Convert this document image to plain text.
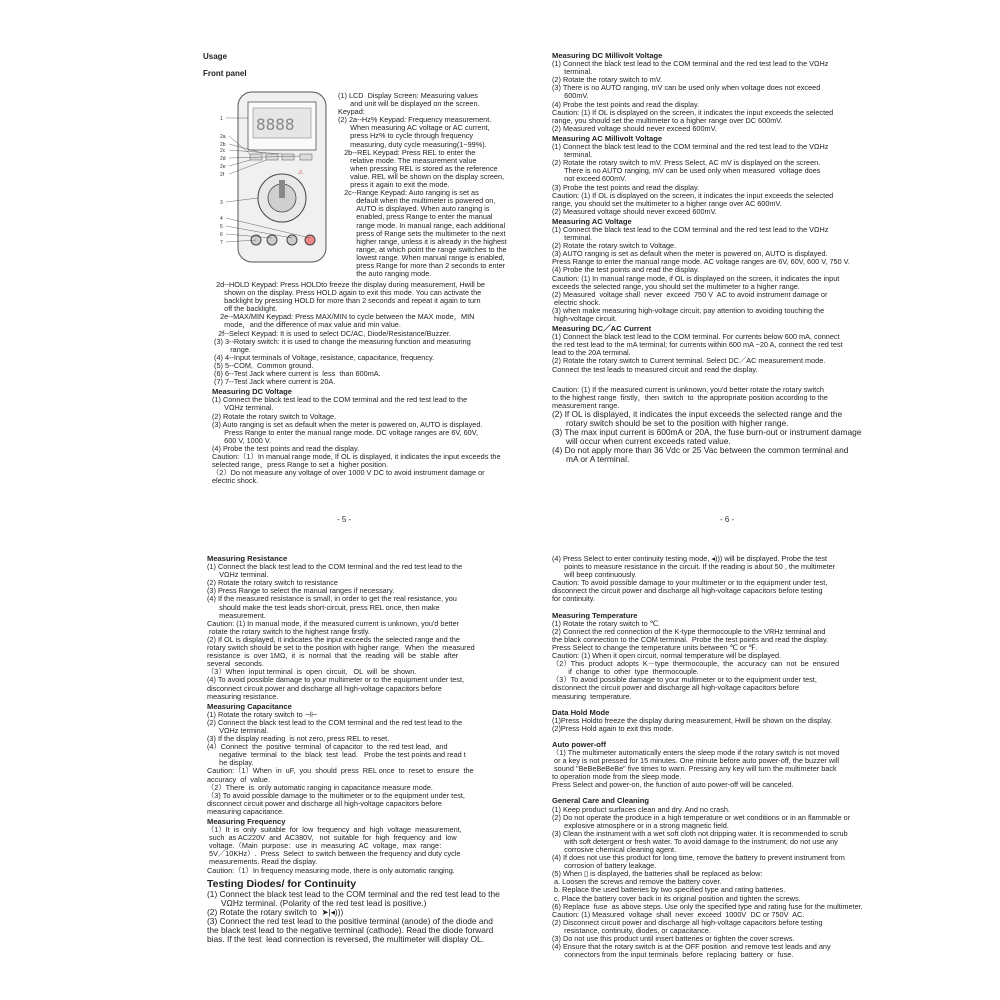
Usage
Front panel
8888
⚠
1
2a
2b
2c
2d
2e
2f
3
4
5
6
7

(1) LCD  Display Screen: Measuring values

and unit will be displayed on the screen.

Keypad:

(2) 2a--Hz% Keypad: Frequency measurement.

When measuring AC voltage or AC current,

press Hz% to cycle through frequency

measuring, duty cycle measuring(1~99%).

2b--REL Keypad: Press REL to enter the

relative mode. The measurement value

when pressing REL is stored as the reference

value. REL will be shown on the display screen,

press it again to exit the mode.

2c--Range Keypad: Auto ranging is set as

default when the multimeter is powered on,

AUTO is displayed. When auto ranging is

enabled, press Range to enter the manual

range mode. In manual range, each additional

press of Range sets the multimeter to the next

higher range, unless it is already in the highest

range, at which point the range switches to the

lowest range. When manual range is enabled,

press Range for more than 2 seconds to enter

the auto ranging mode.

2d--HOLD Keypad: Press HOLDto freeze the display during measurement, Hwill be

shown on the display. Press HOLD again to exit this mode. You can activate the

backlight by pressing HOLD for more than 2 seconds and repeat it again to turn

off the backlight.

2e--MAX/MIN Keypad: Press MAX/MIN to cycle between the MAX mode，MIN

mode，and the difference of max value and min value.

2f--Select Keypad: It is used to select DC/AC, Diode/Resistance/Buzzer.

(3) 3--Rotary switch: it is used to change the measuring function and measuring

range.

(4) 4--Input terminals of Voltage, resistance, capacitance, frequency.

(5) 5--COM,  Common ground.

(6) 6--Test Jack where current is  less  than 600mA.

(7) 7--Test Jack where current is 20A.

Measuring DC Voltage

(1) Connect the black test lead to the COM terminal and the red test lead to the

VΩHz terminal.

(2) Rotate the rotary switch to Voltage.

(3) Auto ranging is set as default when the meter is powered on, AUTO is displayed.

Press Range to enter the manual range mode. DC voltage ranges are 6V, 60V,

600 V, 1000 V.

(4) Probe the test points and read the display.

Caution:（1）In manual range mode, If OL is displayed, it indicates the input exceeds the

selected range，press Range to set a  higher position.

（2）Do not measure any voltage of over 1000 V DC to avoid instrument damage or

electric shock.

- 5 -

Measuring DC Millivolt Voltage

(1) Connect the black test lead to the COM terminal and the red test lead to the VΩHz

terminal.

(2) Rotate the rotary switch to mV.

(3) There is no AUTO ranging, mV can be used only when voltage does not exceed

600mV.

(4) Probe the test points and read the display.

Caution: (1) If OL is displayed on the screen, it indicates the input exceeds the selected

range, you should set the multimeter to a higher range over DC 600mV.

(2) Measured voltage should never exceed 600mV.

Measuring AC Millivolt Voltage

(1) Connect the black test lead to the COM terminal and the red test lead to the VΩHz

terminal.

(2) Rotate the rotary switch to mV. Press Select, AC mV is displayed on the screen.

There is no AUTO ranging, mV can be used only when measured  voltage does

not exceed 600mV.

(3) Probe the test points and read the display.

Caution: (1) If OL is displayed on the screen, it indicates the input exceeds the selected

range, you should set the multimeter to a higher range over AC 600mV.

(2) Measured voltage should never exceed 600mV.

Measuring AC Voltage

(1) Connect the black test lead to the COM terminal and the red test lead to the VΩHz

terminal.

(2) Rotate the rotary switch to Voltage.

(3) AUTO ranging is set as default when the meter is powered on, AUTO is displayed.

Press Range to enter the manual range mode. AC voltage ranges are 6V, 60V, 600 V, 750 V.

(4) Probe the test points and read the display.

Caution: (1) In manual range mode, if OL is displayed on the screen, it indicates the input

exceeds the selected range, you should set the multimeter to a higher range.

(2) Measured  voltage shall  never  exceed  750 V  AC to avoid instrument damage or

electric shock.

(3) when make measuring high-voltage circuit, pay attention to avoiding touching the

high-voltage circuit.

Measuring DC／AC Current

(1) Connect the black test lead to the COM terminal. For currents below 600 mA, connect

the red test lead to the mA terminal; for currents within 600 mA ~20 A, connect the red test

lead to the 20A terminal.

(2) Rotate the rotary switch to Current terminal. Select DC／AC measurement mode.

Connect the test leads to measured circuit and read the display.

Caution: (1) If the measured current is unknown, you'd better rotate the rotary switch

to the highest range  firstly，then  switch  to  the appropriate position according to the

measurement range.

(2) If OL is displayed, it indicates the input exceeds the selected range and the

rotary switch should be set to the position with higher range.

(3) The max input current is 600mA or 20A, the fuse burn-out or instrument damage

will occur when current exceeds rated value.

(4) Do not apply more than 36 Vdc or 25 Vac between the common terminal and

mA or A terminal.

- 6 -

Measuring Resistance

(1) Connect the black test lead to the COM terminal and the red test lead to the

VΩHz terminal.

(2) Rotate the rotary switch to resistance

(3) Press Range to select the manual ranges if necessary.

(4) If the measured resistance is small, in order to get the real resistance, you

should make the test leads short-circuit, press REL once, then make

measurement.

Caution: (1) In manual mode, if the measured current is unknown, you'd better

rotate the rotary switch to the highest range firstly.

(2) If OL is displayed, it indicates the input exceeds the selected range and the

rotary switch should be set to the position with higher range.  When  the  measured

resistance  is  over 1MΩ,  it  is  normal  that  the  reading  will  be  stable  after

several  seconds.

（3）When  input terminal  is  open  circuit,   OL  will  be  shown.

(4) To avoid possible damage to your multimeter or to the equipment under test,

disconnect circuit power and discharge all high-voltage capacitors before

measuring resistance.

Measuring Capacitance

(1) Rotate the rotary switch to ⊣⊢

(2) Connect the black test lead to the COM terminal and the red test lead to the

VΩHz terminal.

(3) If the display reading  is not zero, press REL to reset.

(4）Connect  the  positive  terminal  of capacitor  to  the red test lead,  and

negative  terminal  to  the  black  test  lead.   Probe the test points and read t

he display.

Caution:（1）When  in  uF,  you  should  press  REL once  to  reset to  ensure  the

accuracy  of  value.

（2）There  is  only automatic ranging in capacitance measure mode.

（3) To avoid possible damage to the multimeter or to the equipment under test,

disconnect circuit power and discharge all high-voltage capacitors before

measuring capacitance.

Measuring Frequency

（1）It  is  only  suitable  for  low  frequency  and  high  voltage  measurement,

such  as AC220V  and  AC380V,   not  suitable  for  high  frequency  and  low

voltage.（Main  purpose：use  in  measuring  AC  voltage,  max  range：

5V／10KHz）.  Press  Select  to switch between the frequency and duty cycle

measurements. Read the display.

Caution:（1）In frequency measuring mode, there is only automatic ranging.

Testing Diodes/ for Continuity

(1) Connect the black test lead to the COM terminal and the red test lead to the

VΩHz terminal. (Polarity of the red test lead is positive.)

(2) Rotate the rotary switch to  ➤|◂)))

(3) Connect the red test lead to the positive terminal (anode) of the diode and

the black test lead to the negative terminal (cathode). Read the diode forward

bias. If the test  lead connection is reversed, the multimeter will display OL.

(4) Press Select to enter continuity testing mode, ◂))) will be displayed. Probe the test

points to measure resistance in the circuit. If the reading is about 50 , the multimeter

will beep continuously.

Caution: To avoid possible damage to your multimeter or to the equipment under test,

disconnect the circuit power and discharge all high-voltage capacitors before testing

for continuity.

Measuring Temperature

(1) Rotate the rotary switch to ℃.

(2) Connect the red connection of the K-type thermocouple to the VRHz terminal and

the black connection to the COM terminal.  Probe the test points and read the display.

Press Select to change the temperature units between ℃ or ℉.

Caution: (1) When it open circuit, normal temperature will be displayed.

（2）This  product  adopts  K－type  thermocouple,  the  accuracy  can  not  be  ensured

if  change  to  other  type  thermocouple.

（3）To avoid possible damage to your multimeter or to the equipment under test,

disconnect the circuit power and discharge all high-voltage capacitors before

measuring  temperature.

Data Hold Mode

(1)Press Holdto freeze the display during measurement, Hwill be shown on the display.

(2)Press Hold again to exit this mode.

Auto power-off

（1) The multimeter automatically enters the sleep mode if the rotary switch is not moved

or a key is not pressed for 15 minutes. One minute before auto power-off, the buzzer will

sound "BeBeBeBeBe" five times to warn. Pressing any key will turn the multimeter back

to operation mode from the sleep mode.

Press Select and power-on, the function of auto power-off will be canceled.

General Care and Cleaning

(1) Keep product surfaces clean and dry. And no crash.

(2) Do not operate the produce in a high temperature or wet conditions or in an flammable or

explosive atmosphere or in a strong magnetic field.

(3) Clean the instrument with a wet soft cloth not dripping water. It is recommended to scrub

with soft detergent or fresh water. To avoid damage to the instrument, do not use any

corrosive chemical cleaning agent.

(4) If does not use this product for long time, remove the battery to prevent instrument from

corrosion of battery leakage.

(5) When ▯ is displayed, the batteries shall be replaced as below:

a. Loosen the screws and remove the battery cover.

b. Replace the used batteries by two specified type and rating batteries.

c. Place the battery cover back in its original position and tighten the screws.

(6) Replace  fuse  as above steps. Use only the specified type and rating fuse for the multimeter.

Caution: (1) Measured  voltage  shall  never  exceed  1000V  DC or 750V  AC.

(2) Disconnect circuit power and discharge all high-voltage capacitors before testing

resistance, continuity, diodes, or capacitance.

(3) Do not use this product until insert batteries or tighten the cover screws.

(4) Ensure that the rotary switch is at the OFF position  and remove test leads and any

connectors from the input terminals  before  replacing  battery  or  fuse.
